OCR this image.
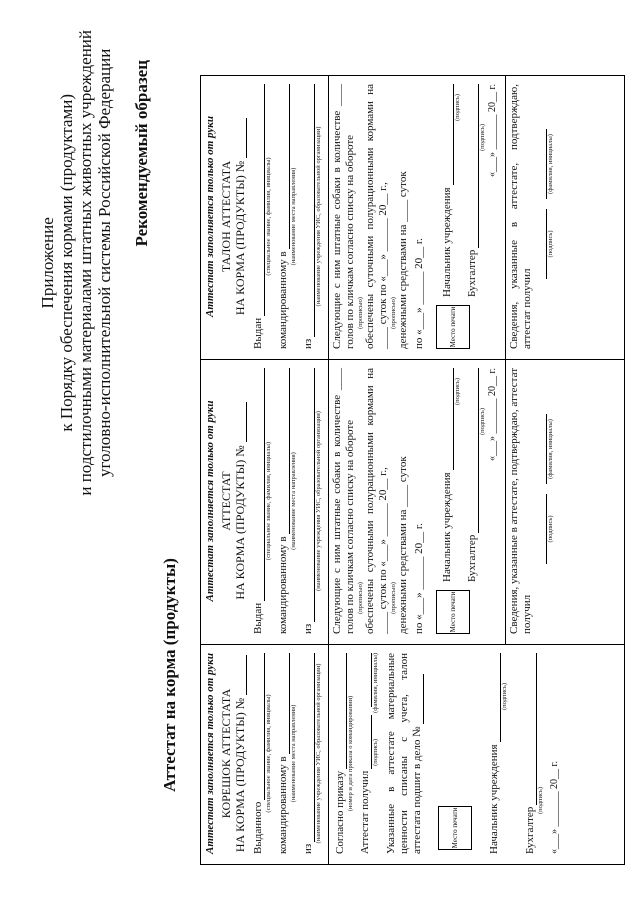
Приложение к Порядку обеспечения кормами (продуктами) и подстилочными материалами штатных животных учреждений уголовно-исполнительной системы Российской Федерации Рекомендуемый образец
Аттестат на корма (продукты) Аттестат заполняется только от руки КОРЕШОК АТТЕСТАТА НА КОРМА (ПРОДУКТЫ) № Выданного
(специальное звание, фамилия, инициалы) командированному в
(наименование места направления)
из
(наименование учреждения УИС, образовательной организации) Согласно приказу
(номер и дата приказа о командировании)
Аттестат получил
(подпись)
(фамилия, инициалы) Указанные в аттестате материальные ценности списаны с учета, талон аттестата подшит в дело №	Место печати	Начальник учреждения
(подпись)
Бухгалтер
(подпись) «___» _______ 20__ г.
Аттестат заполняется только от руки АТТЕСТАТ НА КОРМА (ПРОДУКТЫ) №
Выдан
(специальное звание, фамилия, инициалы)
командированному в
(наименование места направления)
из
(наименование учреждения УИС, образовательной организации) Следующие с ним штатные собаки в количестве ____ голов по кличкам согласно списку на обороте (прописью) обеспечены суточными полурационными кормами на ____ суток по «___» ______ 20__ г., (прописью) денежными средствами на ____ суток по «___» ______ 20__ г.	Место печати
Начальник учреждения
(подпись)
Бухгалтер
(подпись) «___» _______ 20__ г. Сведения, указанные в аттестате, подтверждаю, аттестат получил
(подпись)
(фамилия, инициалы)
Аттестат заполняется только от руки ТАЛОН АТТЕСТАТА НА КОРМА (ПРОДУКТЫ) №
Выдан
(специальное звание, фамилия, инициалы)
командированному в
(наименование места направления)
из
(наименование учреждения УИС, образовательной организации) Следующие с ним штатные собаки в количестве ____ голов по кличкам согласно списку на обороте (прописью) обеспечены суточными полурационными кормами на ____ суток по «___» ______ 20__ г., (прописью) денежными средствами на ____ суток по «___» ______ 20__ г.	Место печати
Начальник учреждения
(подпись)
Бухгалтер
(подпись) «___» _______ 20__ г. Сведения, указанные в аттестате, подтверждаю, аттестат получил
(подпись)
(фамилия, инициалы)
